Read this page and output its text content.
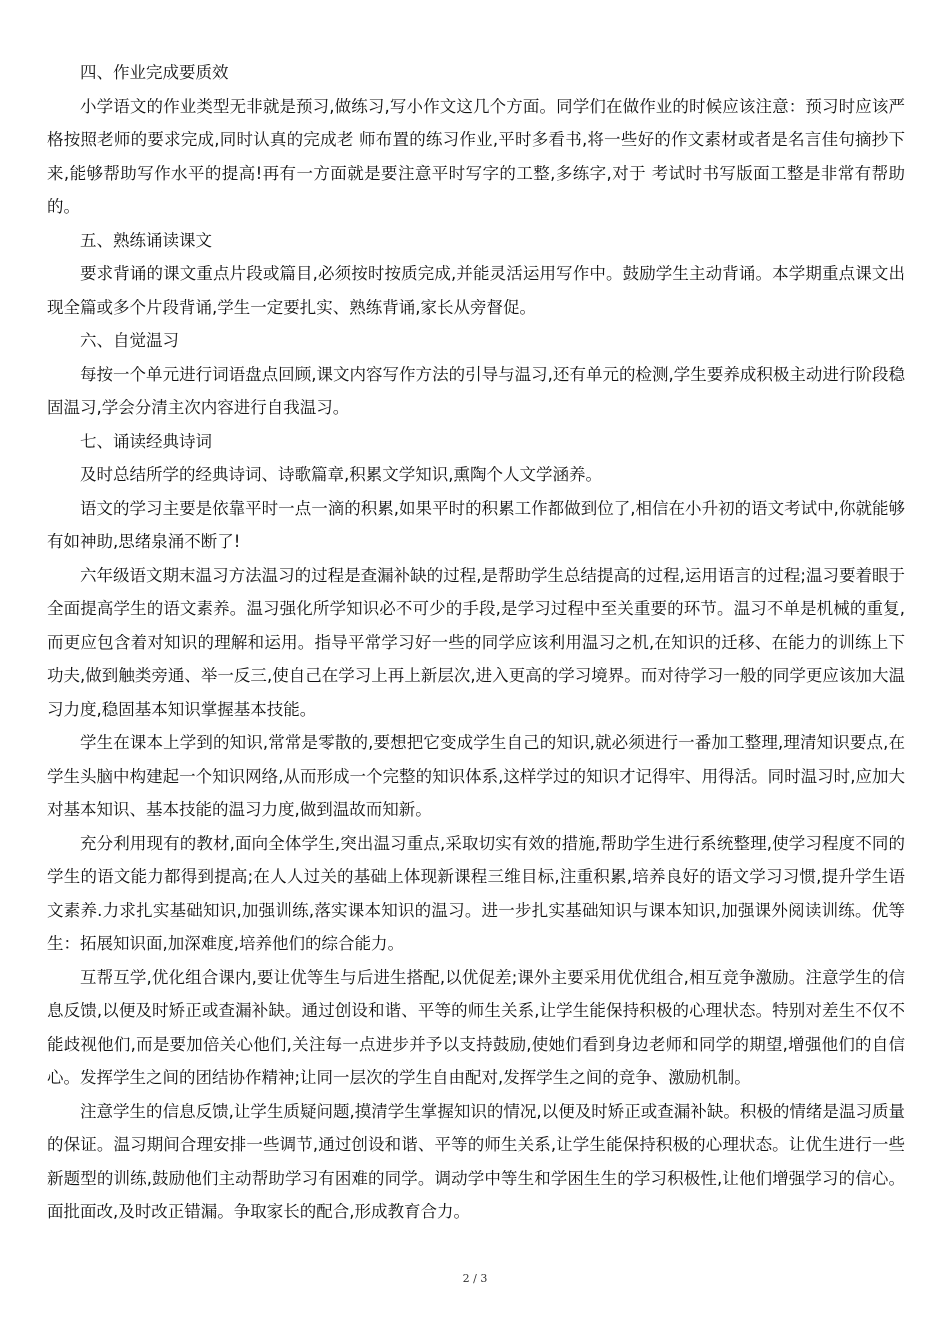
四、作业完成要质效

小学语文的作业类型无非就是预习,做练习,写小作文这几个方面。同学们在做作业的时候应该注意：预习时应该严格按照老师的要求完成,同时认真的完成老 师布置的练习作业,平时多看书,将一些好的作文素材或者是名言佳句摘抄下来,能够帮助写作水平的提高!再有一方面就是要注意平时写字的工整,多练字,对于 考试时书写版面工整是非常有帮助的。

五、熟练诵读课文

要求背诵的课文重点片段或篇目,必须按时按质完成,并能灵活运用写作中。鼓励学生主动背诵。本学期重点课文出现全篇或多个片段背诵,学生一定要扎实、熟练背诵,家长从旁督促。

六、自觉温习

每按一个单元进行词语盘点回顾,课文内容写作方法的引导与温习,还有单元的检测,学生要养成积极主动进行阶段稳固温习,学会分清主次内容进行自我温习。

七、诵读经典诗词

及时总结所学的经典诗词、诗歌篇章,积累文学知识,熏陶个人文学涵养。

语文的学习主要是依靠平时一点一滴的积累,如果平时的积累工作都做到位了,相信在小升初的语文考试中,你就能够有如神助,思绪泉涌不断了!

六年级语文期末温习方法温习的过程是查漏补缺的过程,是帮助学生总结提高的过程,运用语言的过程;温习要着眼于全面提高学生的语文素养。温习强化所学知识必不可少的手段,是学习过程中至关重要的环节。温习不单是机械的重复,而更应包含着对知识的理解和运用。指导平常学习好一些的同学应该利用温习之机,在知识的迁移、在能力的训练上下功夫,做到触类旁通、举一反三,使自己在学习上再上新层次,进入更高的学习境界。而对待学习一般的同学更应该加大温习力度,稳固基本知识掌握基本技能。

学生在课本上学到的知识,常常是零散的,要想把它变成学生自己的知识,就必须进行一番加工整理,理清知识要点,在学生头脑中构建起一个知识网络,从而形成一个完整的知识体系,这样学过的知识才记得牢、用得活。同时温习时,应加大对基本知识、基本技能的温习力度,做到温故而知新。

充分利用现有的教材,面向全体学生,突出温习重点,采取切实有效的措施,帮助学生进行系统整理,使学习程度不同的学生的语文能力都得到提高;在人人过关的基础上体现新课程三维目标,注重积累,培养良好的语文学习习惯,提升学生语文素养.力求扎实基础知识,加强训练,落实课本知识的温习。进一步扎实基础知识与课本知识,加强课外阅读训练。优等生：拓展知识面,加深难度,培养他们的综合能力。

互帮互学,优化组合课内,要让优等生与后进生搭配,以优促差;课外主要采用优优组合,相互竞争激励。注意学生的信息反馈,以便及时矫正或查漏补缺。通过创设和谐、平等的师生关系,让学生能保持积极的心理状态。特别对差生不仅不能歧视他们,而是要加倍关心他们,关注每一点进步并予以支持鼓励,使她们看到身边老师和同学的期望,增强他们的自信心。发挥学生之间的团结协作精神;让同一层次的学生自由配对,发挥学生之间的竞争、激励机制。

注意学生的信息反馈,让学生质疑问题,摸清学生掌握知识的情况,以便及时矫正或查漏补缺。积极的情绪是温习质量的保证。温习期间合理安排一些调节,通过创设和谐、平等的师生关系,让学生能保持积极的心理状态。让优生进行一些新题型的训练,鼓励他们主动帮助学习有困难的同学。调动学中等生和学困生生的学习积极性,让他们增强学习的信心。面批面改,及时改正错漏。争取家长的配合,形成教育合力。

2 / 3
